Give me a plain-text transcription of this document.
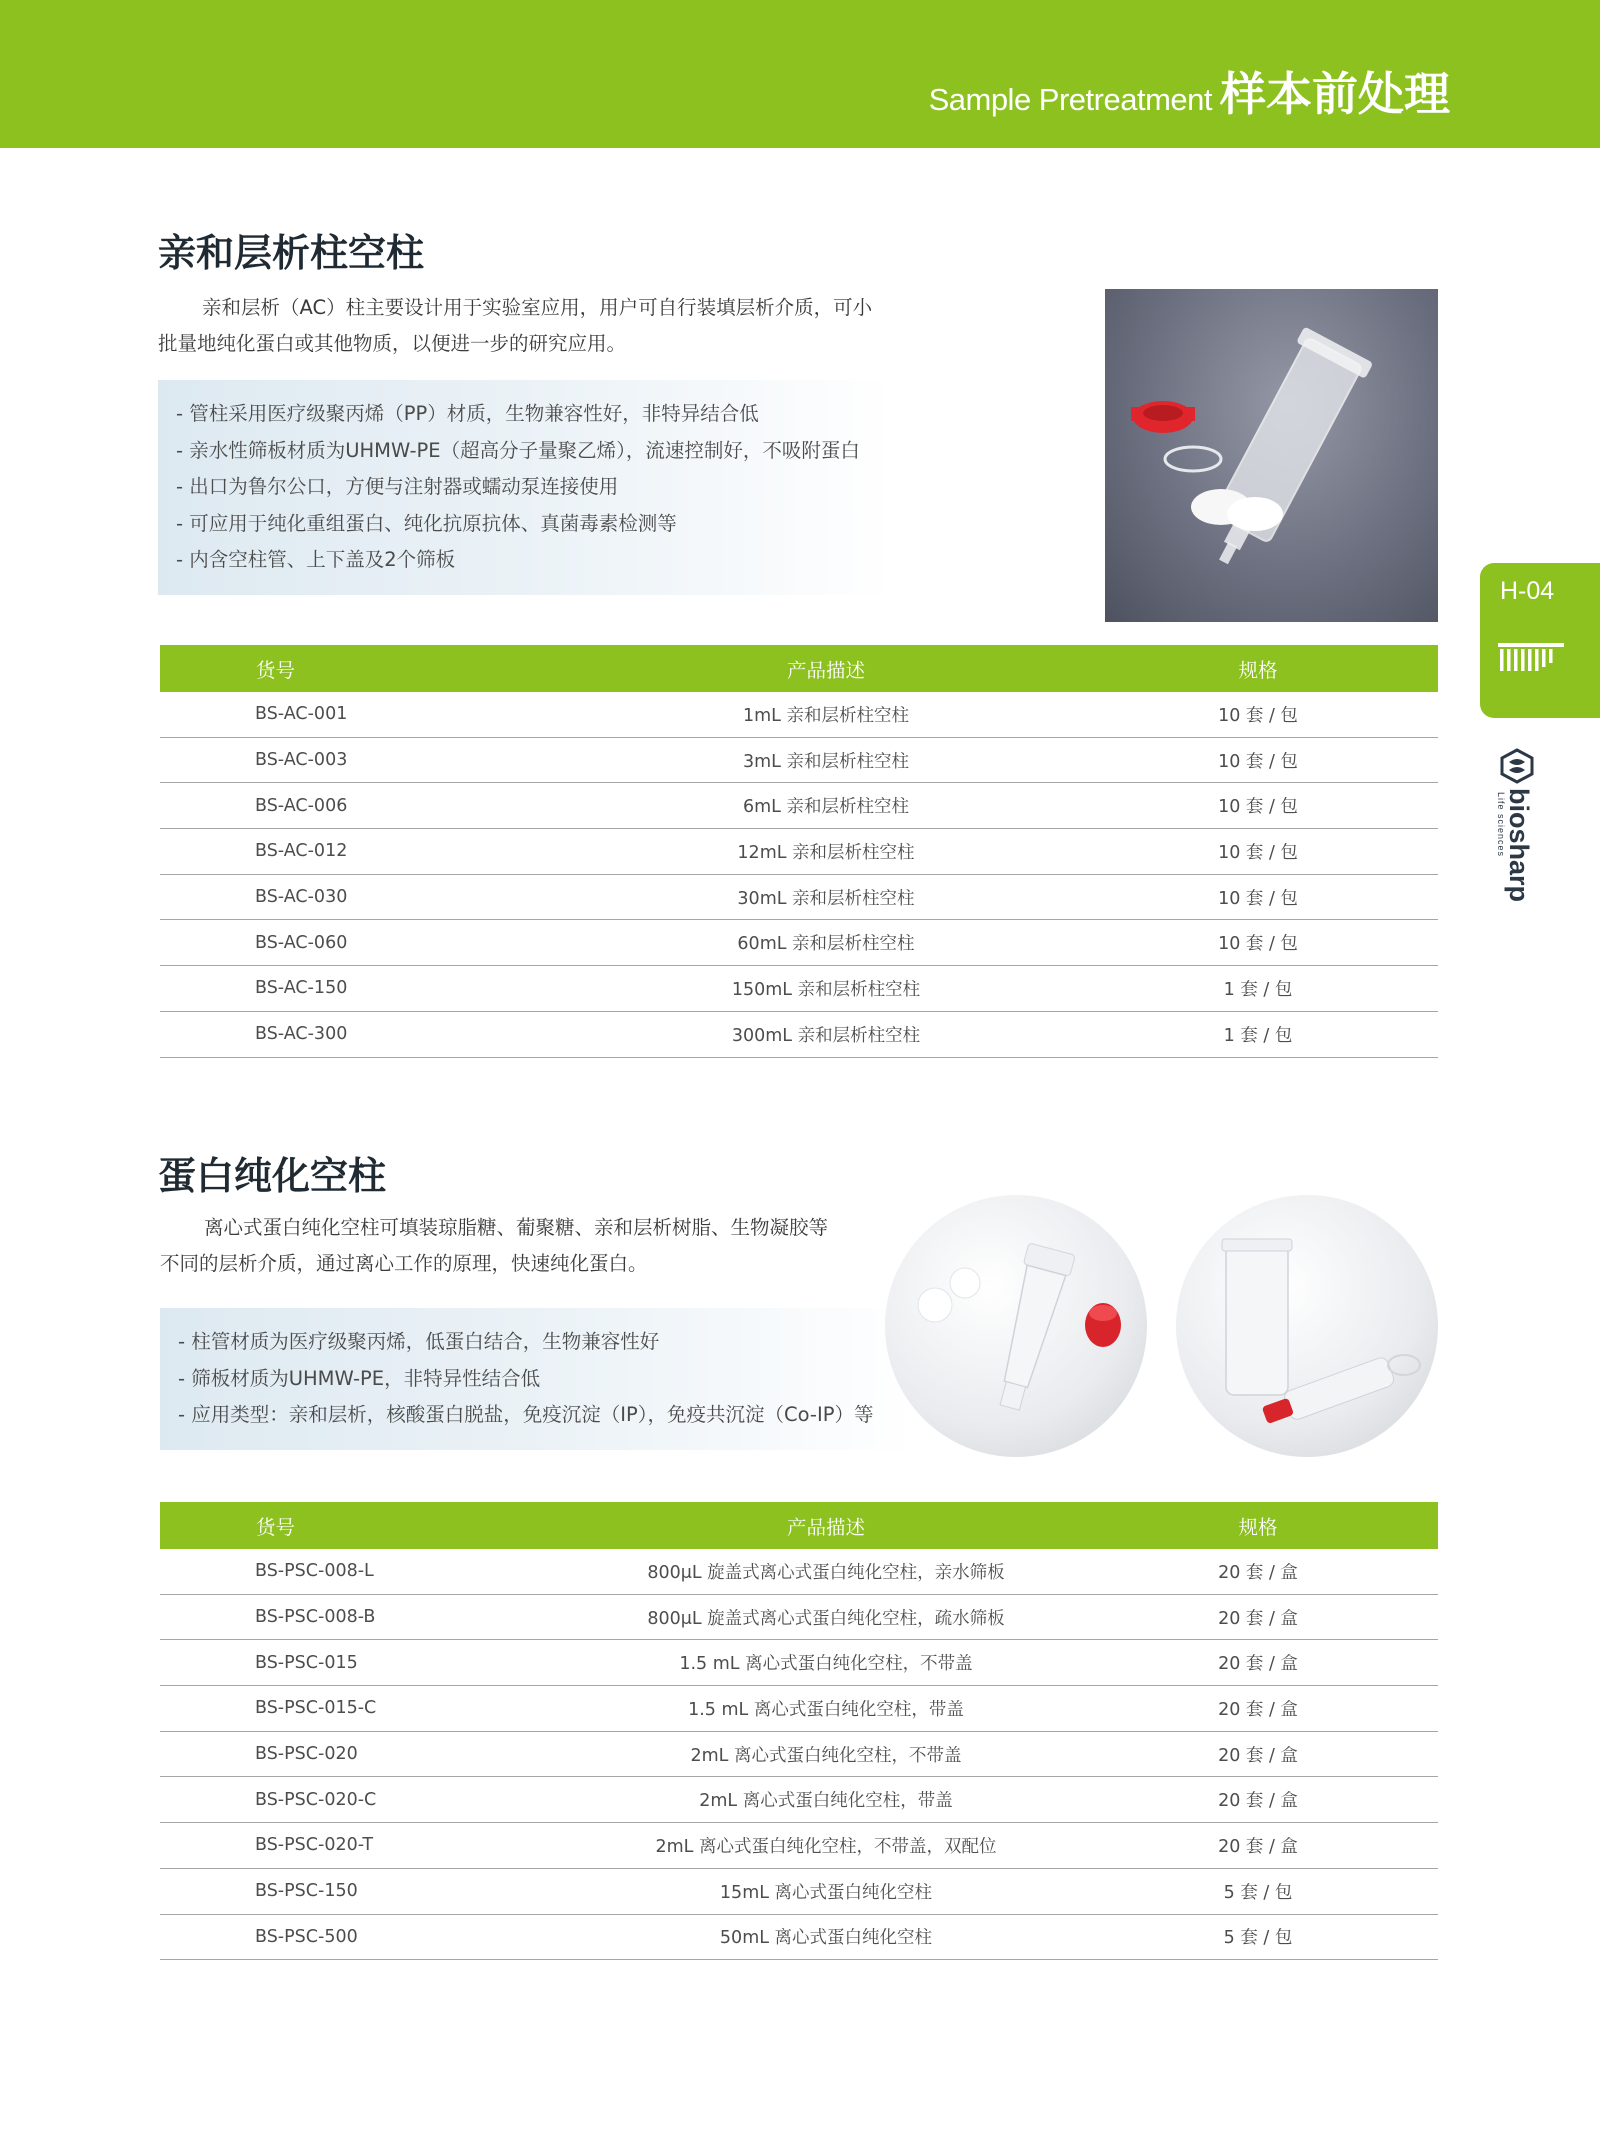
Sample Pretreatment 样本前处理
H-04
biosharp
Life sciences
亲和层析柱空柱

亲和层析（AC）柱主要设计用于实验室应用，用户可自行装填层析介质，可小
批量地纯化蛋白或其他物质，以便进一步的研究应用。

- 管柱采用医疗级聚丙烯（PP）材质，生物兼容性好，非特异结合低
- 亲水性筛板材质为UHMW-PE（超高分子量聚乙烯），流速控制好，不吸附蛋白
- 出口为鲁尔公口，方便与注射器或蠕动泵连接使用
- 可应用于纯化重组蛋白、纯化抗原抗体、真菌毒素检测等
- 内含空柱管、上下盖及2个筛板
货号	产品描述	规格
BS-AC-001	1mL 亲和层析柱空柱	10 套 / 包
BS-AC-003	3mL 亲和层析柱空柱	10 套 / 包
BS-AC-006	6mL 亲和层析柱空柱	10 套 / 包
BS-AC-012	12mL 亲和层析柱空柱	10 套 / 包
BS-AC-030	30mL 亲和层析柱空柱	10 套 / 包
BS-AC-060	60mL 亲和层析柱空柱	10 套 / 包
BS-AC-150	150mL 亲和层析柱空柱	1 套 / 包
BS-AC-300	300mL 亲和层析柱空柱	1 套 / 包
蛋白纯化空柱

离心式蛋白纯化空柱可填装琼脂糖、葡聚糖、亲和层析树脂、生物凝胶等
不同的层析介质，通过离心工作的原理，快速纯化蛋白。

- 柱管材质为医疗级聚丙烯，低蛋白结合，生物兼容性好
- 筛板材质为UHMW-PE，非特异性结合低
- 应用类型：亲和层析，核酸蛋白脱盐，免疫沉淀（IP），免疫共沉淀（Co-IP）等
货号	产品描述	规格
BS-PSC-008-L	800μL 旋盖式离心式蛋白纯化空柱，亲水筛板	20 套 / 盒
BS-PSC-008-B	800μL 旋盖式离心式蛋白纯化空柱，疏水筛板	20 套 / 盒
BS-PSC-015	1.5 mL 离心式蛋白纯化空柱，不带盖	20 套 / 盒
BS-PSC-015-C	1.5 mL 离心式蛋白纯化空柱，带盖	20 套 / 盒
BS-PSC-020	2mL 离心式蛋白纯化空柱，不带盖	20 套 / 盒
BS-PSC-020-C	2mL 离心式蛋白纯化空柱，带盖	20 套 / 盒
BS-PSC-020-T	2mL 离心式蛋白纯化空柱，不带盖，双配位	20 套 / 盒
BS-PSC-150	15mL 离心式蛋白纯化空柱	5 套 / 包
BS-PSC-500	50mL 离心式蛋白纯化空柱	5 套 / 包
